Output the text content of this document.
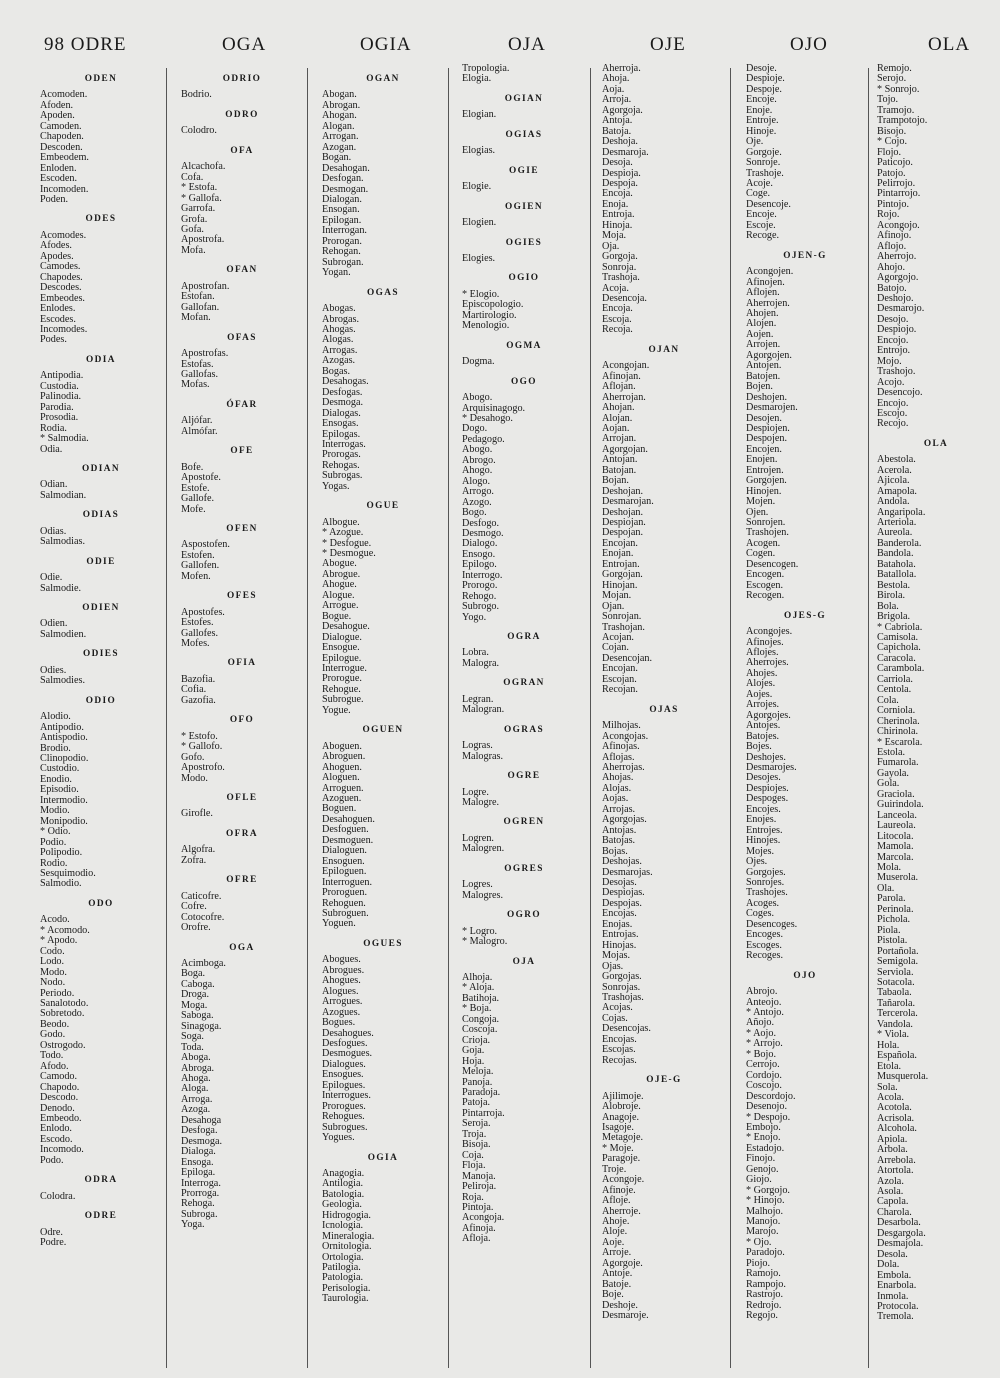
98 ODRE	OGA	OGIA	OJA	OJE	OJO	OLA
ODEN
Acomoden.
Afoden.
Apoden.
Camoden.
Chapoden.
Descoden.
Embeodem.
Enloden.
Escoden.
Incomoden.
Poden.
ODES
Acomodes.
Afodes.
Apodes.
Camodes.
Chapodes.
Descodes.
Embeodes.
Enlodes.
Escodes.
Incomodes.
Podes.
ODIA
Antipodia.
Custodia.
Palinodia.
Parodia.
Prosodia.
Rodia.
* Salmodia.
Odia.
ODIAN
Odian.
Salmodian.
ODIAS
Odias.
Salmodias.
ODIE
Odie.
Salmodie.
ODIEN
Odien.
Salmodien.
ODIES
Odies.
Salmodies.
ODIO
Alodio.
Antipodio.
Antispodio.
Brodio.
Clinopodio.
Custodio.
Enodio.
Episodio.
Intermodio.
Modio.
Monipodio.
* Odio.
Podio.
Polipodio.
Rodio.
Sesquimodio.
Salmodio.
ODO
Acodo.
* Acomodo.
* Apodo.
Codo.
Lodo.
Modo.
Nodo.
Periodo.
Sanalotodo.
Sobretodo.
Beodo.
Godo.
Ostrogodo.
Todo.
Afodo.
Camodo.
Chapodo.
Descodo.
Denodo.
Embeodo.
Enlodo.
Escodo.
Incomodo.
Podo.
ODRA
Colodra.
ODRE
Odre.
Podre.
ODRIO
Bodrio.
ODRO
Colodro.
OFA
Alcachofa.
Cofa.
* Estofa.
* Gallofa.
Garrofa.
Grofa.
Gofa.
Apostrofa.
Mofa.
OFAN
Apostrofan.
Estofan.
Gallofan.
Mofan.
OFAS
Apostrofas.
Estofas.
Gallofas.
Mofas.
ÓFAR
Aljófar.
Almófar.
OFE
Bofe.
Apostofe.
Estofe.
Gallofe.
Mofe.
OFEN
Aspostofen.
Estofen.
Gallofen.
Mofen.
OFES
Apostofes.
Estofes.
Gallofes.
Mofes.
OFIA
Bazofia.
Cofia.
Gazofia.
OFO
* Estofo.
* Gallofo.
Gofo.
Apostrofo.
Modo.
OFLE
Girofle.
OFRA
Algofra.
Zofra.
OFRE
Caticofre.
Cofre.
Cotocofre.
Orofre.
OGA
Acimboga.
Boga.
Caboga.
Droga.
Moga.
Saboga.
Sinagoga.
Soga.
Toda.
Aboga.
Abroga.
Ahoga.
Aloga.
Arroga.
Azoga.
Desahoga
Desfoga.
Desmoga.
Dialoga.
Ensoga.
Epiloga.
Interroga.
Prorroga.
Rehoga.
Subroga.
Yoga.
OGAN
Abogan.
Abrogan.
Ahogan.
Alogan.
Arrogan.
Azogan.
Bogan.
Desahogan.
Desfogan.
Desmogan.
Dialogan.
Ensogan.
Epilogan.
Interrogan.
Prorogan.
Rehogan.
Subrogan.
Yogan.
OGAS
Abogas.
Abrogas.
Ahogas.
Alogas.
Arrogas.
Azogas.
Bogas.
Desahogas.
Desfogas.
Desmoga.
Dialogas.
Ensogas.
Epilogas.
Interrogas.
Prorogas.
Rehogas.
Subrogas.
Yogas.
OGUE
Albogue.
* Azogue.
* Desfogue.
* Desmogue.
Abogue.
Abrogue.
Ahogue.
Alogue.
Arrogue.
Bogue.
Desahogue.
Dialogue.
Ensogue.
Epilogue.
Interrogue.
Prorogue.
Rehogue.
Subrogue.
Yogue.
OGUEN
Aboguen.
Abroguen.
Ahoguen.
Aloguen.
Arroguen.
Azoguen.
Boguen.
Desahoguen.
Desfoguen.
Desmoguen.
Dialoguen.
Ensoguen.
Epiloguen.
Interroguen.
Proroguen.
Rehoguen.
Subroguen.
Yoguen.
OGUES
Abogues.
Abrogues.
Ahogues.
Alogues.
Arrogues.
Azogues.
Bogues.
Desahogues.
Desfogues.
Desmogues.
Dialogues.
Ensogues.
Epilogues.
Interrogues.
Prorogues.
Rehogues.
Subrogues.
Yogues.
OGIA
Anagogia.
Antilogia.
Batologia.
Geologia.
Hidrogogia.
Icnologia.
Mineralogia.
Ornitologia.
Ortologia.
Patilogia.
Patologia.
Perisologia.
Taurologia.
Tropologia.
Elogia.
OGIAN
Elogian.
OGIAS
Elogias.
OGIE
Elogie.
OGIEN
Elogien.
OGIES
Elogies.
OGIO
* Elogio.
Episcopologio.
Martirologio.
Menologio.
OGMA
Dogma.
OGO
Abogo.
Arquisinagogo.
* Desahogo.
Dogo.
Pedagogo.
Abogo.
Abrogo.
Ahogo.
Alogo.
Arrogo.
Azogo.
Bogo.
Desfogo.
Desmogo.
Dialogo.
Ensogo.
Epilogo.
Interrogo.
Prorogo.
Rehogo.
Subrogo.
Yogo.
OGRA
Lobra.
Malogra.
OGRAN
Legran.
Malogran.
OGRAS
Logras.
Malogras.
OGRE
Logre.
Malogre.
OGREN
Logren.
Malogren.
OGRES
Logres.
Malogres.
OGRO
* Logro.
* Malogro.
OJA
Alhoja.
* Aloja.
Batihoja.
* Boja.
Congoja.
Coscoja.
Crioja.
Goja.
Hoja.
Meloja.
Panoja.
Paradoja.
Patoja.
Pintarroja.
Seroja.
Troja.
Bisoja.
Coja.
Floja.
Manoja.
Peliroja.
Roja.
Pintoja.
Acongoja.
Afinoja.
Afloja.
Aherroja.
Ahoja.
Aoja.
Arroja.
Agorgoja.
Antoja.
Batoja.
Deshoja.
Desmaroja.
Desoja.
Despioja.
Despoja.
Encoja.
Enoja.
Entroja.
Hinoja.
Moja.
Oja.
Gorgoja.
Sonroja.
Trashoja.
Acoja.
Desencoja.
Encoja.
Escoja.
Recoja.
OJAN
Acongojan.
Afinojan.
Aflojan.
Aherrojan.
Ahojan.
Alojan.
Aojan.
Arrojan.
Agorgojan.
Antojan.
Batojan.
Bojan.
Deshojan.
Desmarojan.
Deshojan.
Despiojan.
Despojan.
Encojan.
Enojan.
Entrojan.
Gorgojan.
Hinojan.
Mojan.
Ojan.
Sonrojan.
Trashojan.
Acojan.
Cojan.
Desencojan.
Encojan.
Escojan.
Recojan.
OJAS
Milhojas.
Acongojas.
Afinojas.
Aflojas.
Aherrojas.
Ahojas.
Alojas.
Aojas.
Arrojas.
Agorgojas.
Antojas.
Batojas.
Bojas.
Deshojas.
Desmarojas.
Desojas.
Despiojas.
Despojas.
Encojas.
Enojas.
Entrojas.
Hinojas.
Mojas.
Ojas.
Gorgojas.
Sonrojas.
Trashojas.
Acojas.
Cojas.
Desencojas.
Encojas.
Escojas.
Recojas.
OJE-G
Ajilimoje.
Alobroje.
Anagoje.
Isagoje.
Metagoje.
* Moje.
Paragoje.
Troje.
Acongoje.
Afinoje.
Afloje.
Aherroje.
Ahoje.
Aloje.
Aoje.
Arroje.
Agorgoje.
Antoje.
Batoje.
Boje.
Deshoje.
Desmaroje.
Desoje.
Despioje.
Despoje.
Encoje.
Enoje.
Entroje.
Hinoje.
Oje.
Gorgoje.
Sonroje.
Trashoje.
Acoje.
Coge.
Desencoje.
Encoje.
Escoje.
Recoge.
OJEN-G
Acongojen.
Afinojen.
Aflojen.
Aherrojen.
Ahojen.
Alojen.
Aojen.
Arrojen.
Agorgojen.
Antojen.
Batojen.
Bojen.
Deshojen.
Desmarojen.
Desojen.
Despiojen.
Despojen.
Encojen.
Enojen.
Entrojen.
Gorgojen.
Hinojen.
Mojen.
Ojen.
Sonrojen.
Trashojen.
Acogen.
Cogen.
Desencogen.
Encogen.
Escogen.
Recogen.
OJES-G
Acongojes.
Afinojes.
Aflojes.
Aherrojes.
Ahojes.
Alojes.
Aojes.
Arrojes.
Agorgojes.
Antojes.
Batojes.
Bojes.
Deshojes.
Desmarojes.
Desojes.
Despiojes.
Despoges.
Encojes.
Enojes.
Entrojes.
Hinojes.
Mojes.
Ojes.
Gorgojes.
Sonrojes.
Trashojes.
Acoges.
Coges.
Desencoges.
Encoges.
Escoges.
Recoges.
OJO
Abrojo.
Anteojo.
* Antojo.
Añojo.
* Aojo.
* Arrojo.
* Bojo.
Cerrojo.
Cordojo.
Coscojo.
Descordojo.
Desenojo.
* Despojo.
Embojo.
* Enojo.
Estadojo.
Finojo.
Genojo.
Giojo.
* Gorgojo.
* Hinojo.
Malhojo.
Manojo.
Marojo.
* Ojo.
Paradojo.
Piojo.
Ramojo.
Rampojo.
Rastrojo.
Redrojo.
Regojo.
Remojo.
Serojo.
* Sonrojo.
Tojo.
Tramojo.
Trampotojo.
Bisojo.
* Cojo.
Flojo.
Paticojo.
Patojo.
Pelirrojo.
Pintarrojo.
Pintojo.
Rojo.
Acongojo.
Afinojo.
Aflojo.
Aherrojo.
Ahojo.
Agorgojo.
Batojo.
Deshojo.
Desmarojo.
Desojo.
Despiojo.
Encojo.
Entrojo.
Mojo.
Trashojo.
Acojo.
Desencojo.
Encojo.
Escojo.
Recojo.
OLA
Abestola.
Acerola.
Ajicola.
Amapola.
Andola.
Angaripola.
Arteriola.
Aureola.
Banderola.
Bandola.
Batahola.
Batallola.
Bestola.
Birola.
Bola.
Brigola.
* Cabriola.
Camisola.
Capichola.
Caracola.
Carambola.
Carriola.
Centola.
Cola.
Corniola.
Cherinola.
Chirinola.
* Escarola.
Estola.
Fumarola.
Gayola.
Gola.
Graciola.
Guirindola.
Lanceola.
Laureola.
Litocola.
Mamola.
Marcola.
Mola.
Muserola.
Ola.
Parola.
Perinola.
Pichola.
Piola.
Pistola.
Portañola.
Semigola.
Serviola.
Sotacola.
Tabaola.
Tañarola.
Tercerola.
Vandola.
* Viola.
Hola.
Española.
Etola.
Musquerola.
Sola.
Acola.
Acotola.
Acrisola.
Alcohola.
Apiola.
Arbola.
Arrebola.
Atortola.
Azola.
Asola.
Capola.
Charola.
Desarbola.
Desgargola.
Desmajola.
Desola.
Dola.
Embola.
Enarbola.
Inmola.
Protocola.
Tremola.
